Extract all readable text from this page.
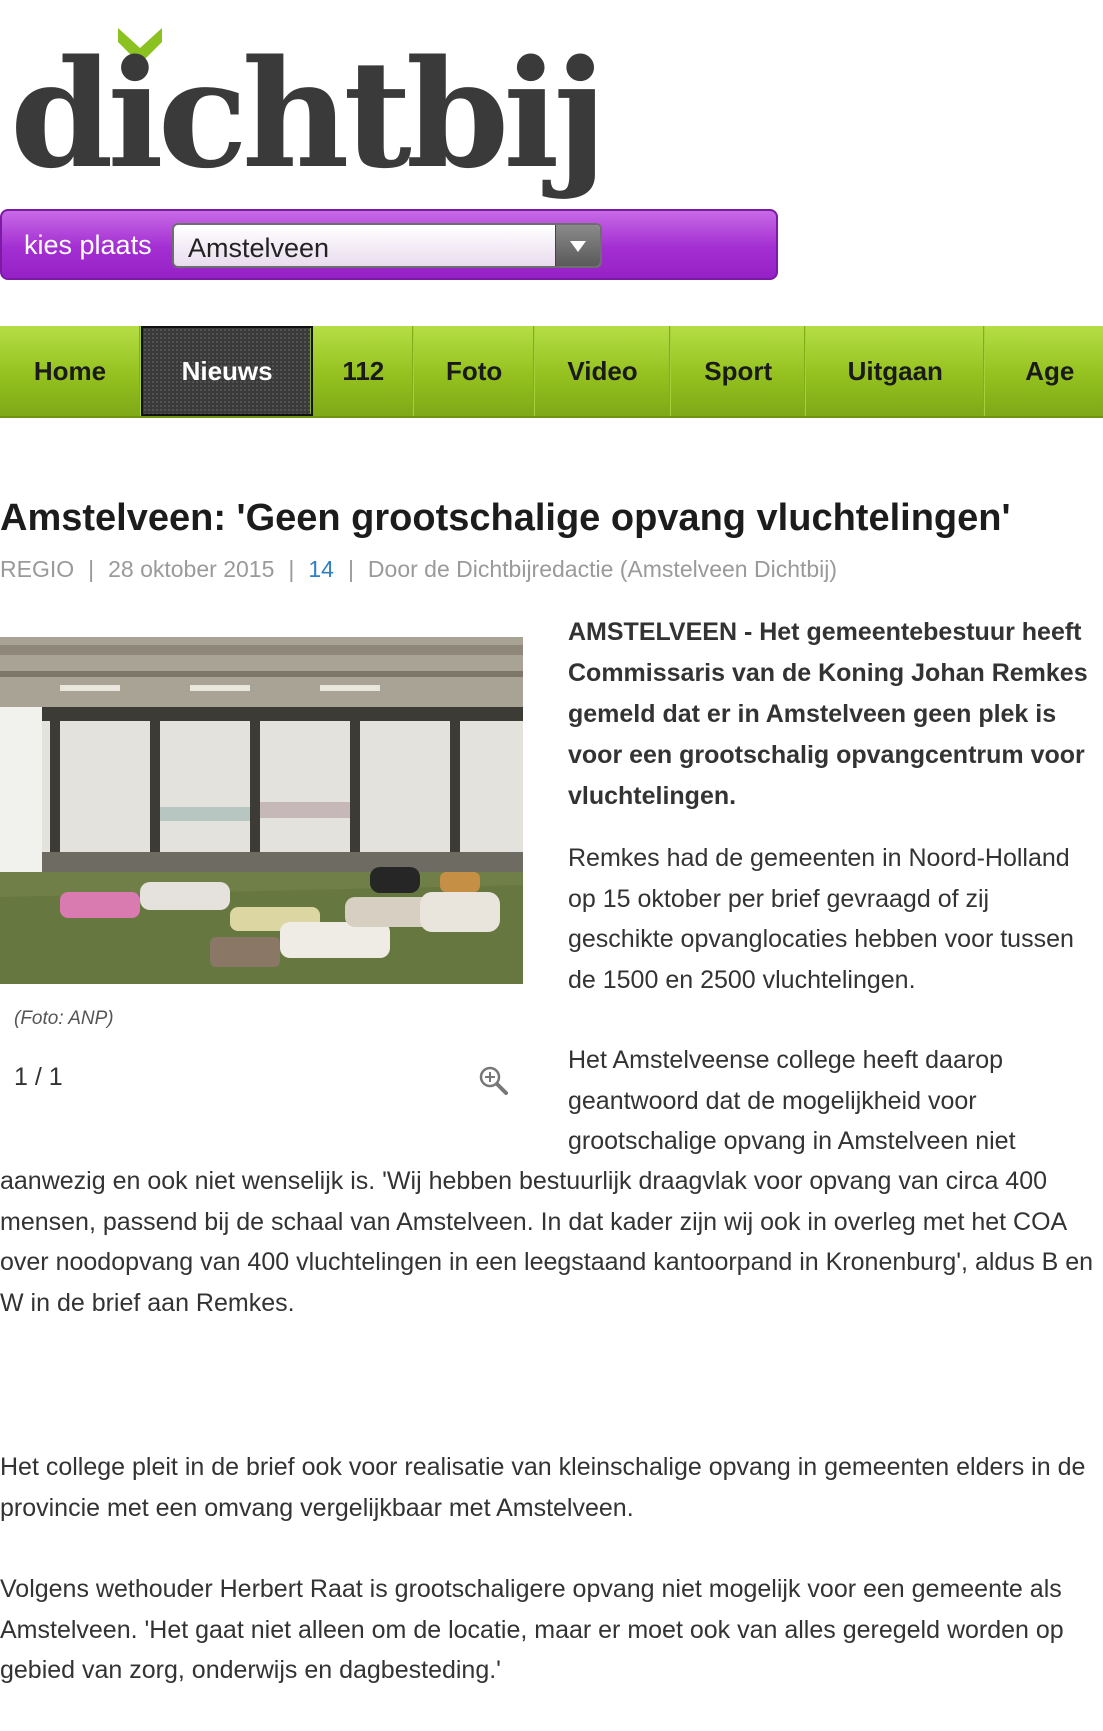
dichtbij
kies plaats Amstelveen
Home	Nieuws	112	Foto	Video	Sport	Uitgaan	Age
Amstelveen: 'Geen grootschalige opvang vluchtelingen'
REGIO | 28 oktober 2015 | 14 | Door de Dichtbijredactie (Amstelveen Dichtbij)
(Foto: ANP)
1 / 1

AMSTELVEEN - Het gemeentebestuur heeft Commissaris van de Koning Johan Remkes gemeld dat er in Amstelveen geen plek is voor een grootschalig opvangcentrum voor vluchtelingen.

Remkes had de gemeenten in Noord-Holland op 15 oktober per brief gevraagd of zij geschikte opvanglocaties hebben voor tussen de 1500 en 2500 vluchtelingen.

Het Amstelveense college heeft daarop geantwoord dat de mogelijkheid voor grootschalige opvang in Amstelveen niet

aanwezig en ook niet wenselijk is. 'Wij hebben bestuurlijk draagvlak voor opvang van circa 400 mensen, passend bij de schaal van Amstelveen. In dat kader zijn wij ook in overleg met het COA over noodopvang van 400 vluchtelingen in een leegstaand kantoorpand in Kronenburg', aldus B en W in de brief aan Remkes.

Het college pleit in de brief ook voor realisatie van kleinschalige opvang in gemeenten elders in de provincie met een omvang vergelijkbaar met Amstelveen.

Volgens wethouder Herbert Raat is grootschaligere opvang niet mogelijk voor een gemeente als Amstelveen. 'Het gaat niet alleen om de locatie, maar er moet ook van alles geregeld worden op gebied van zorg, onderwijs en dagbesteding.'
